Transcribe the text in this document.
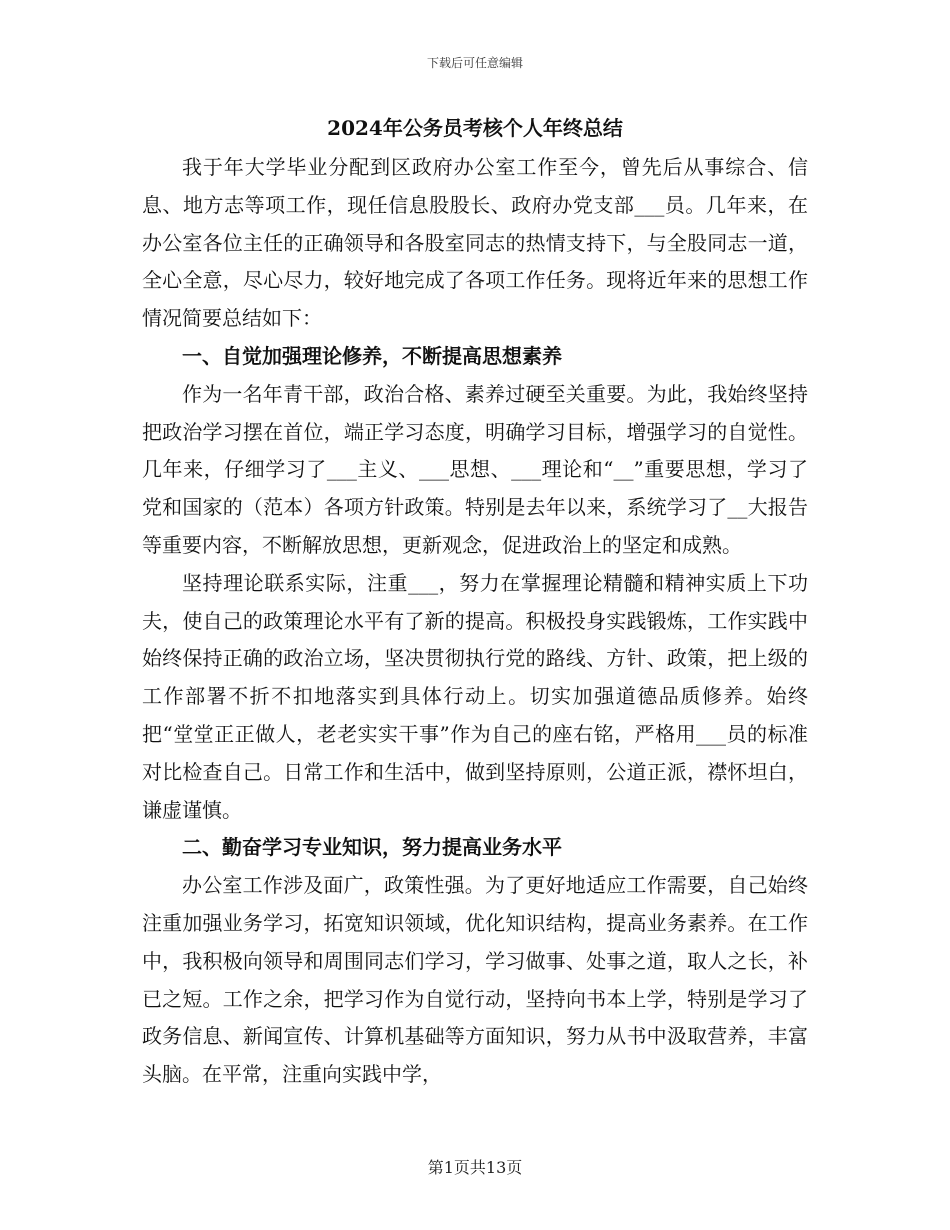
下载后可任意编辑
2024年公务员考核个人年终总结

我于年大学毕业分配到区政府办公室工作至今，曾先后从事综合、信息、地方志等项工作，现任信息股股长、政府办党支部___员。几年来，在办公室各位主任的正确领导和各股室同志的热情支持下，与全股同志一道，全心全意，尽心尽力，较好地完成了各项工作任务。现将近年来的思想工作情况简要总结如下：

一、自觉加强理论修养，不断提高思想素养

作为一名年青干部，政治合格、素养过硬至关重要。为此，我始终坚持把政治学习摆在首位，端正学习态度，明确学习目标，增强学习的自觉性。几年来，仔细学习了___主义、___思想、___理论和“__”重要思想，学习了党和国家的（范本）各项方针政策。特别是去年以来，系统学习了__大报告等重要内容，不断解放思想，更新观念，促进政治上的坚定和成熟。

坚持理论联系实际，注重___，努力在掌握理论精髓和精神实质上下功夫，使自己的政策理论水平有了新的提高。积极投身实践锻炼，工作实践中始终保持正确的政治立场，坚决贯彻执行党的路线、方针、政策，把上级的工作部署不折不扣地落实到具体行动上。切实加强道德品质修养。始终把“堂堂正正做人，老老实实干事”作为自己的座右铭，严格用___员的标准对比检查自己。日常工作和生活中，做到坚持原则，公道正派，襟怀坦白，谦虚谨慎。

二、勤奋学习专业知识，努力提高业务水平

办公室工作涉及面广，政策性强。为了更好地适应工作需要，自己始终注重加强业务学习，拓宽知识领域，优化知识结构，提高业务素养。在工作中，我积极向领导和周围同志们学习，学习做事、处事之道，取人之长，补已之短。工作之余，把学习作为自觉行动，坚持向书本上学，特别是学习了政务信息、新闻宣传、计算机基础等方面知识，努力从书中汲取营养，丰富头脑。在平常，注重向实践中学，

第1页共13页
